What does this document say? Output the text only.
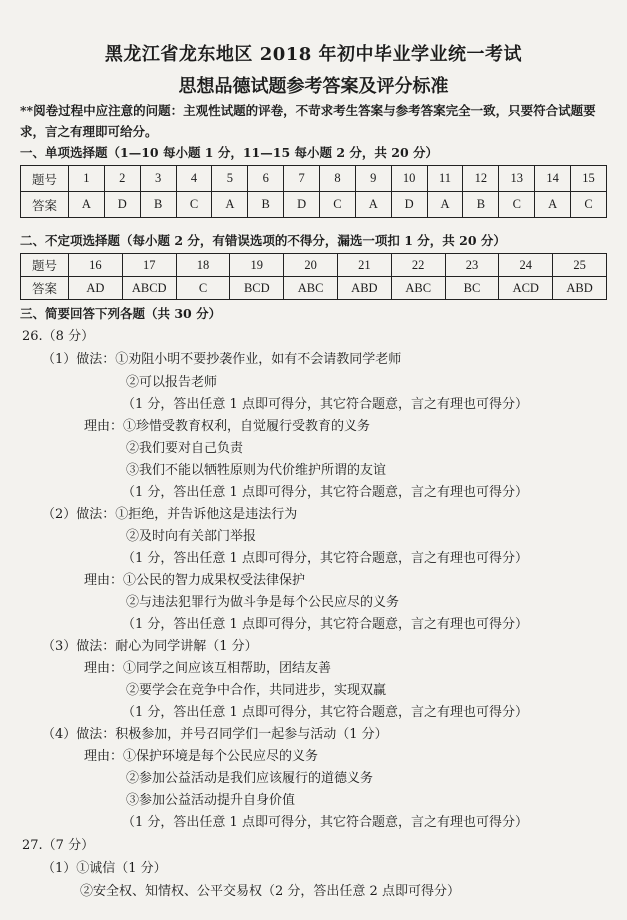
黑龙江省龙东地区 2018 年初中毕业学业统一考试
思想品德试题参考答案及评分标准
**阅卷过程中应注意的问题：主观性试题的评卷，不苛求考生答案与参考答案完全一致，只要符合试题要求，言之有理即可给分。
一、单项选择题（1—10 每小题 1 分，11—15 每小题 2 分，共 20 分）
题号	1	2	3	4	5	6	7	8	9	10	11	12	13	14	15
答案	A	D	B	C	A	B	D	C	A	D	A	B	C	A	C
二、不定项选择题（每小题 2 分，有错误选项的不得分，漏选一项扣 1 分，共 20 分）
题号	16	17	18	19	20	21	22	23	24	25
答案	AD	ABCD	C	BCD	ABC	ABD	ABC	BC	ACD	ABD
三、简要回答下列各题（共 30 分）
26.（8 分）
（1）做法：①劝阻小明不要抄袭作业，如有不会请教同学老师
②可以报告老师
（1 分，答出任意 1 点即可得分，其它符合题意，言之有理也可得分）
理由：①珍惜受教育权利，自觉履行受教育的义务
②我们要对自己负责
③我们不能以牺牲原则为代价维护所谓的友谊
（1 分，答出任意 1 点即可得分，其它符合题意，言之有理也可得分）
（2）做法：①拒绝，并告诉他这是违法行为
②及时向有关部门举报
（1 分，答出任意 1 点即可得分，其它符合题意，言之有理也可得分）
理由：①公民的智力成果权受法律保护
②与违法犯罪行为做斗争是每个公民应尽的义务
（1 分，答出任意 1 点即可得分，其它符合题意，言之有理也可得分）
（3）做法：耐心为同学讲解（1 分）
理由：①同学之间应该互相帮助，团结友善
②要学会在竞争中合作，共同进步，实现双赢
（1 分，答出任意 1 点即可得分，其它符合题意，言之有理也可得分）
（4）做法：积极参加，并号召同学们一起参与活动（1 分）
理由：①保护环境是每个公民应尽的义务
②参加公益活动是我们应该履行的道德义务
③参加公益活动提升自身价值
（1 分，答出任意 1 点即可得分，其它符合题意，言之有理也可得分）
27.（7 分）
（1）①诚信（1 分）
②安全权、知情权、公平交易权（2 分，答出任意 2 点即可得分）
